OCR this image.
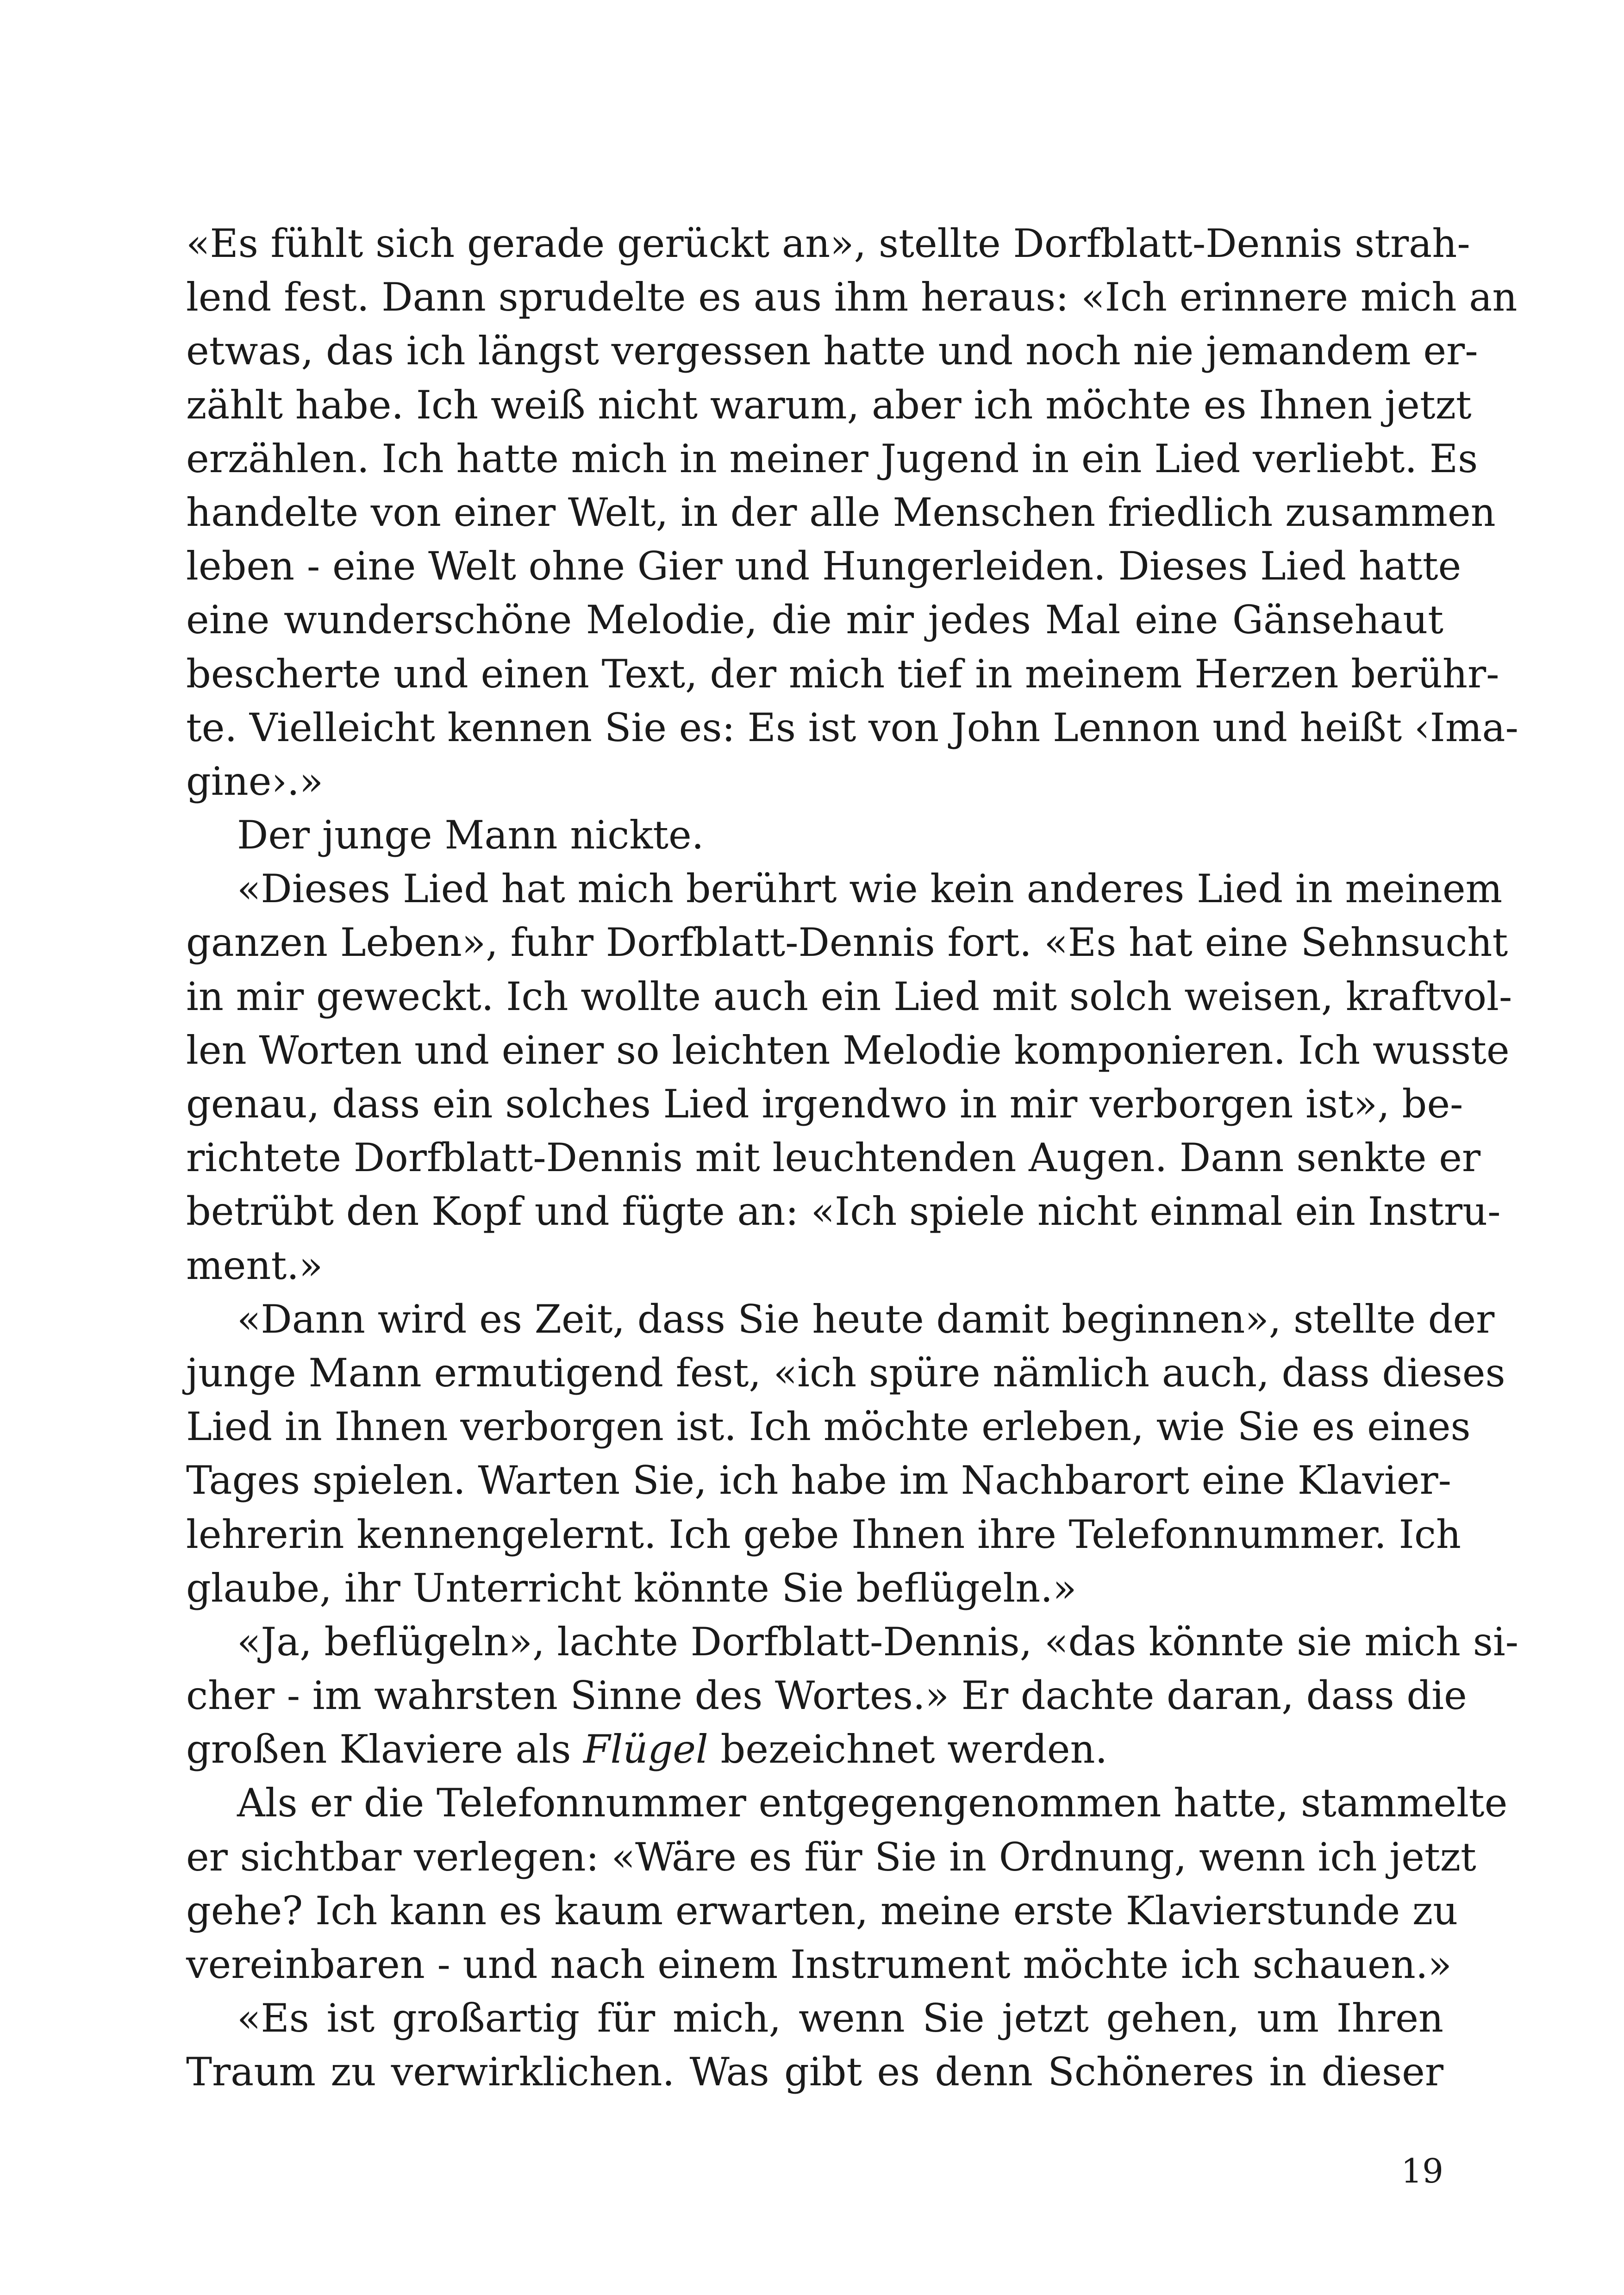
«Es fühlt sich gerade gerückt an», stellte Dorfblatt-Dennis strah-
lend fest. Dann sprudelte es aus ihm heraus: «Ich erinnere mich an
etwas, das ich längst vergessen hatte und noch nie jemandem er-
zählt habe. Ich weiß nicht warum, aber ich möchte es Ihnen jetzt
erzählen. Ich hatte mich in meiner Jugend in ein Lied verliebt. Es
handelte von einer Welt, in der alle Menschen friedlich zusammen
leben - eine Welt ohne Gier und Hungerleiden. Dieses Lied hatte
eine wunderschöne Melodie, die mir jedes Mal eine Gänsehaut
bescherte und einen Text, der mich tief in meinem Herzen berühr-
te. Vielleicht kennen Sie es: Es ist von John Lennon und heißt ‹Ima-
gine›.»
Der junge Mann nickte.
«Dieses Lied hat mich berührt wie kein anderes Lied in meinem
ganzen Leben», fuhr Dorfblatt-Dennis fort. «Es hat eine Sehnsucht
in mir geweckt. Ich wollte auch ein Lied mit solch weisen, kraftvol-
len Worten und einer so leichten Melodie komponieren. Ich wusste
genau, dass ein solches Lied irgendwo in mir verborgen ist», be-
richtete Dorfblatt-Dennis mit leuchtenden Augen. Dann senkte er
betrübt den Kopf und fügte an: «Ich spiele nicht einmal ein Instru-
ment.»
«Dann wird es Zeit, dass Sie heute damit beginnen», stellte der
junge Mann ermutigend fest, «ich spüre nämlich auch, dass dieses
Lied in Ihnen verborgen ist. Ich möchte erleben, wie Sie es eines
Tages spielen. Warten Sie, ich habe im Nachbarort eine Klavier-
lehrerin kennengelernt. Ich gebe Ihnen ihre Telefonnummer. Ich
glaube, ihr Unterricht könnte Sie beflügeln.»
«Ja, beflügeln», lachte Dorfblatt-Dennis, «das könnte sie mich si-
cher - im wahrsten Sinne des Wortes.» Er dachte daran, dass die
großen Klaviere als Flügel bezeichnet werden.
Als er die Telefonnummer entgegengenommen hatte, stammelte
er sichtbar verlegen: «Wäre es für Sie in Ordnung, wenn ich jetzt
gehe? Ich kann es kaum erwarten, meine erste Klavierstunde zu
vereinbaren - und nach einem Instrument möchte ich schauen.»
«Es ist großartig für mich, wenn Sie jetzt gehen, um Ihren
Traum zu verwirklichen. Was gibt es denn Schöneres in dieser
19
